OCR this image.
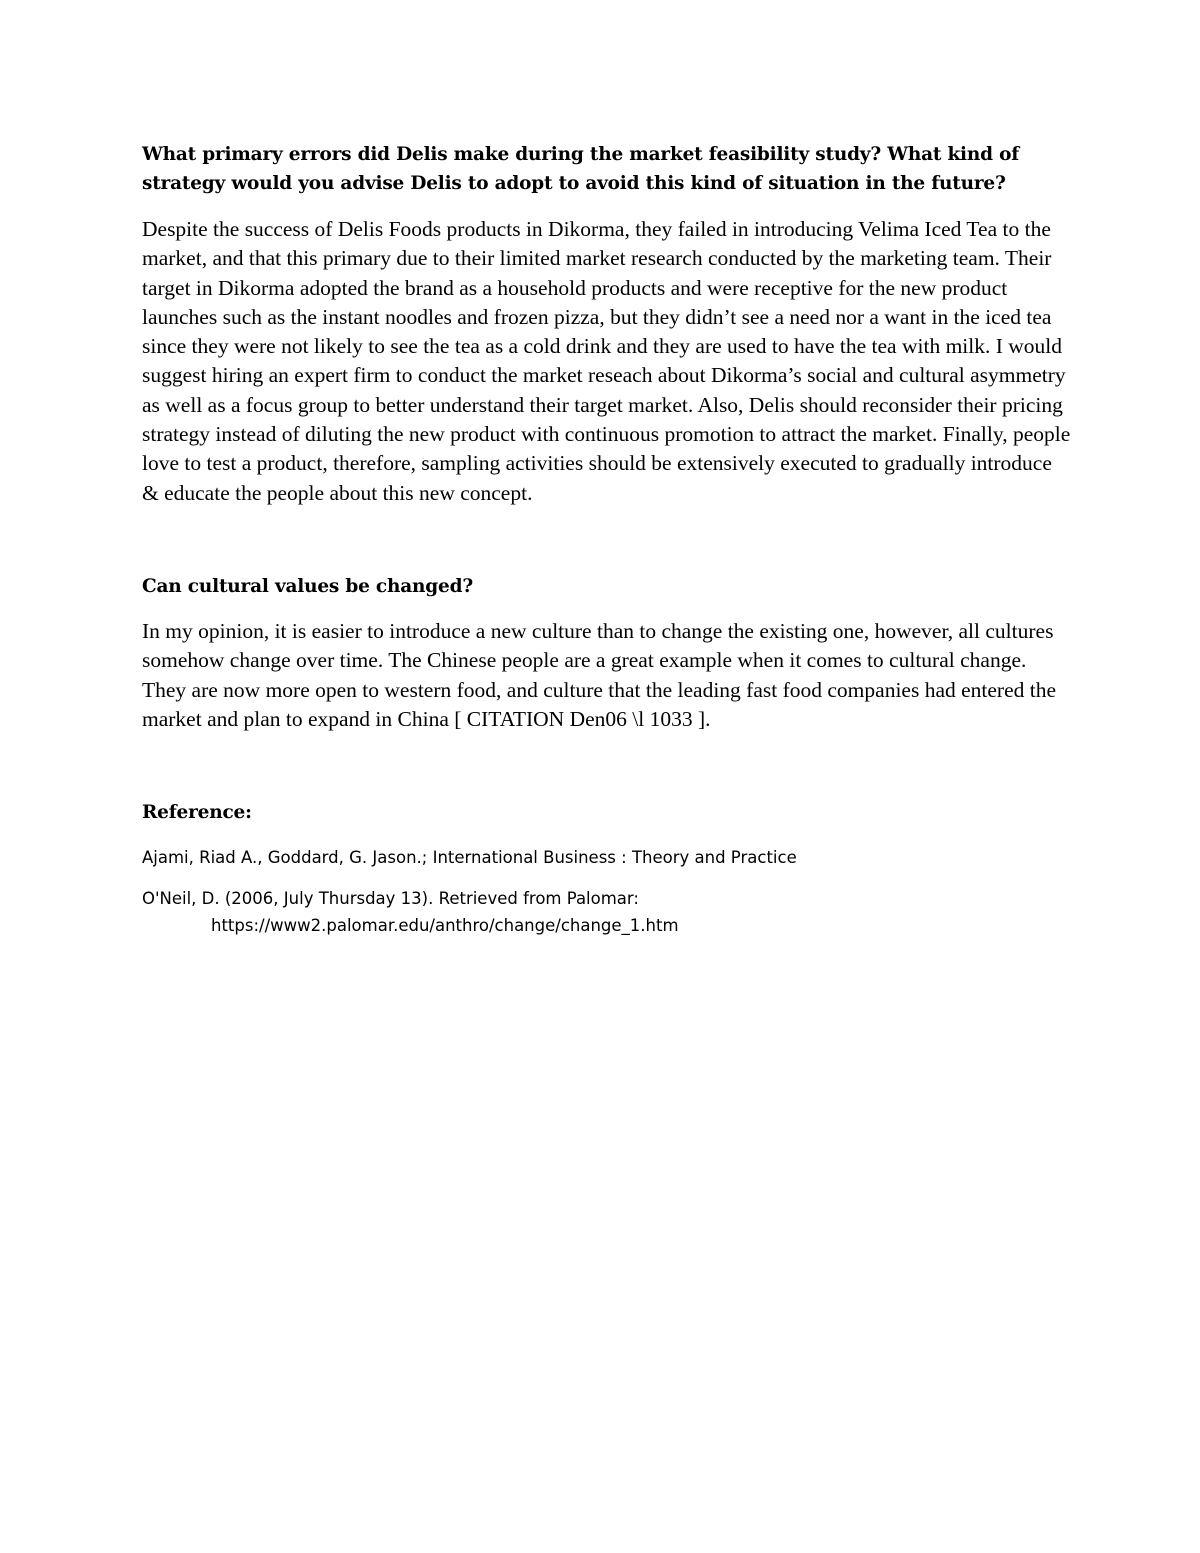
What primary errors did Delis make during the market feasibility study? What kind of strategy would you advise Delis to adopt to avoid this kind of situation in the future?

Despite the success of Delis Foods products in Dikorma, they failed in introducing Velima Iced Tea to the market, and that this primary due to their limited market research conducted by the marketing team. Their target in Dikorma adopted the brand as a household products and were receptive for the new product launches such as the instant noodles and frozen pizza, but they didn’t see a need nor a want in the iced tea since they were not likely to see the tea as a cold drink and they are used to have the tea with milk. I would suggest hiring an expert firm to conduct the market reseach about Dikorma’s social and cultural asymmetry as well as a focus group to better understand their target market. Also, Delis should reconsider their pricing strategy instead of diluting the new product with continuous promotion to attract the market. Finally, people love to test a product, therefore, sampling activities should be extensively executed to gradually introduce & educate the people about this new concept.

Can cultural values be changed?

In my opinion, it is easier to introduce a new culture than to change the existing one, however, all cultures somehow change over time. The Chinese people are a great example when it comes to cultural change. They are now more open to western food, and culture that the leading fast food companies had entered the market and plan to expand in China [ CITATION Den06 \l 1033 ].

Reference:

Ajami, Riad A., Goddard, G. Jason.; International Business : Theory and Practice

O'Neil, D. (2006, July Thursday 13). Retrieved from Palomar:
https://www2.palomar.edu/anthro/change/change_1.htm
